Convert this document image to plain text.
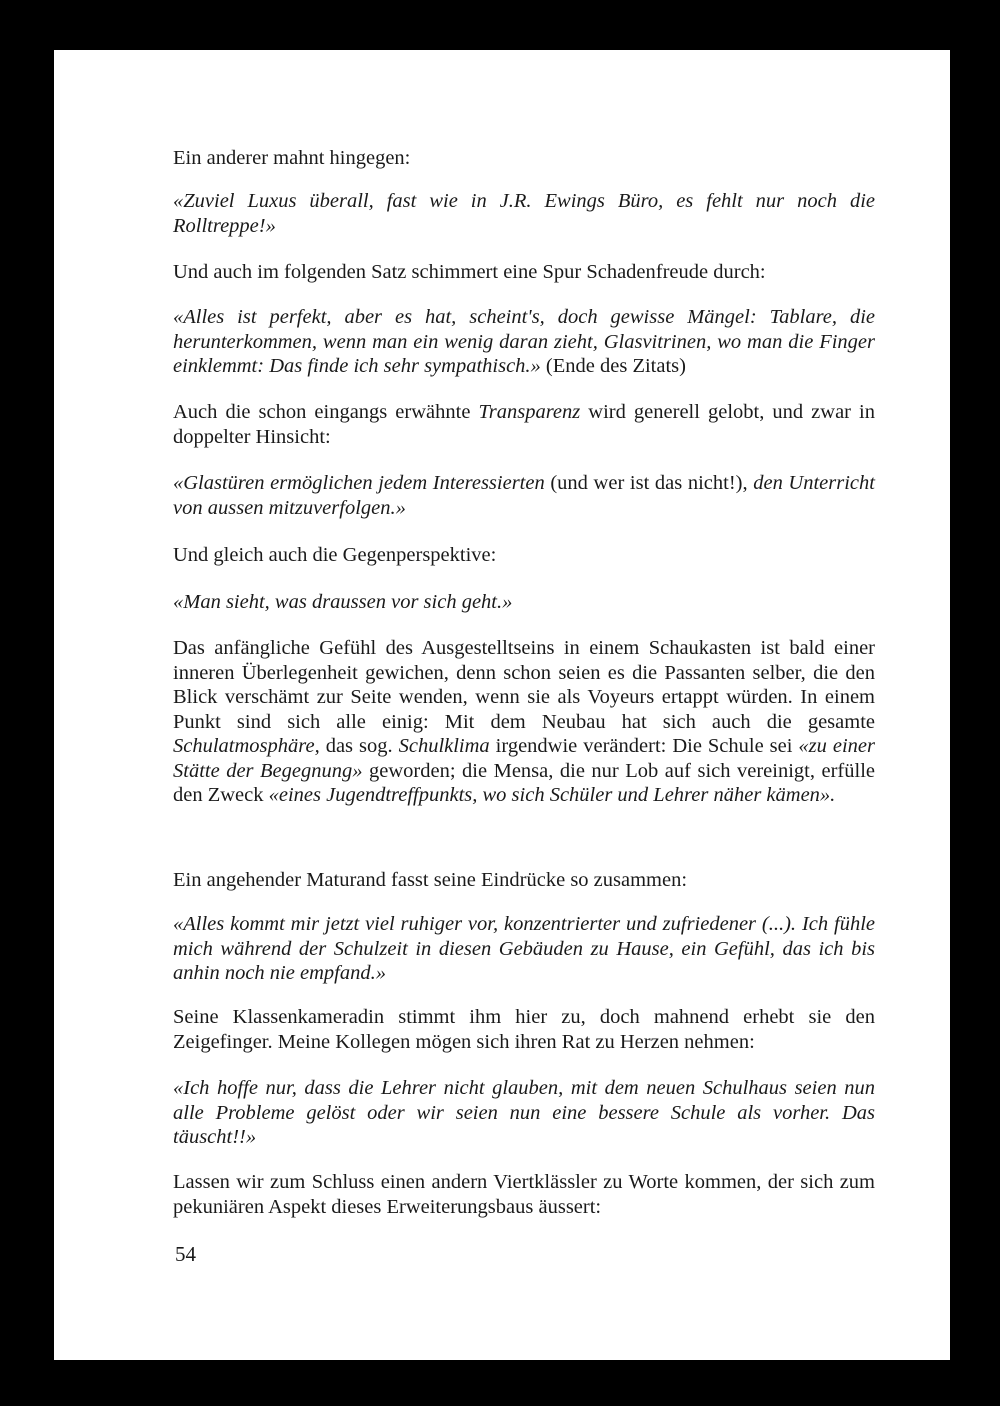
Ein anderer mahnt hingegen:

«Zuviel Luxus überall, fast wie in J.R. Ewings Büro, es fehlt nur noch die Rolltreppe!»

Und auch im folgenden Satz schimmert eine Spur Schadenfreude durch:

«Alles ist perfekt, aber es hat, scheint's, doch gewisse Mängel: Tablare, die herunterkommen, wenn man ein wenig daran zieht, Glasvitrinen, wo man die Finger einklemmt: Das finde ich sehr sympathisch.» (Ende des Zitats)

Auch die schon eingangs erwähnte Transparenz wird generell gelobt, und zwar in doppelter Hinsicht:

«Glastüren ermöglichen jedem Interessierten (und wer ist das nicht!), den Unterricht von aussen mitzuverfolgen.»

Und gleich auch die Gegenperspektive:

«Man sieht, was draussen vor sich geht.»

Das anfängliche Gefühl des Ausgestelltseins in einem Schaukasten ist bald einer inneren Überlegenheit gewichen, denn schon seien es die Passanten selber, die den Blick verschämt zur Seite wenden, wenn sie als Voyeurs ertappt würden. In einem Punkt sind sich alle einig: Mit dem Neubau hat sich auch die gesamte Schulatmosphäre, das sog. Schulklima irgendwie verändert: Die Schule sei «zu einer Stätte der Begegnung» geworden; die Mensa, die nur Lob auf sich vereinigt, erfülle den Zweck «eines Jugendtreffpunkts, wo sich Schüler und Lehrer näher kämen».

Ein angehender Maturand fasst seine Eindrücke so zusammen:

«Alles kommt mir jetzt viel ruhiger vor, konzentrierter und zufriedener (...). Ich fühle mich während der Schulzeit in diesen Gebäuden zu Hause, ein Gefühl, das ich bis anhin noch nie empfand.»

Seine Klassenkameradin stimmt ihm hier zu, doch mahnend erhebt sie den Zeigefinger. Meine Kollegen mögen sich ihren Rat zu Herzen nehmen:

«Ich hoffe nur, dass die Lehrer nicht glauben, mit dem neuen Schulhaus seien nun alle Probleme gelöst oder wir seien nun eine bessere Schule als vorher. Das täuscht!!»

Lassen wir zum Schluss einen andern Viertklässler zu Worte kommen, der sich zum pekuniären Aspekt dieses Erweiterungsbaus äussert:

54
